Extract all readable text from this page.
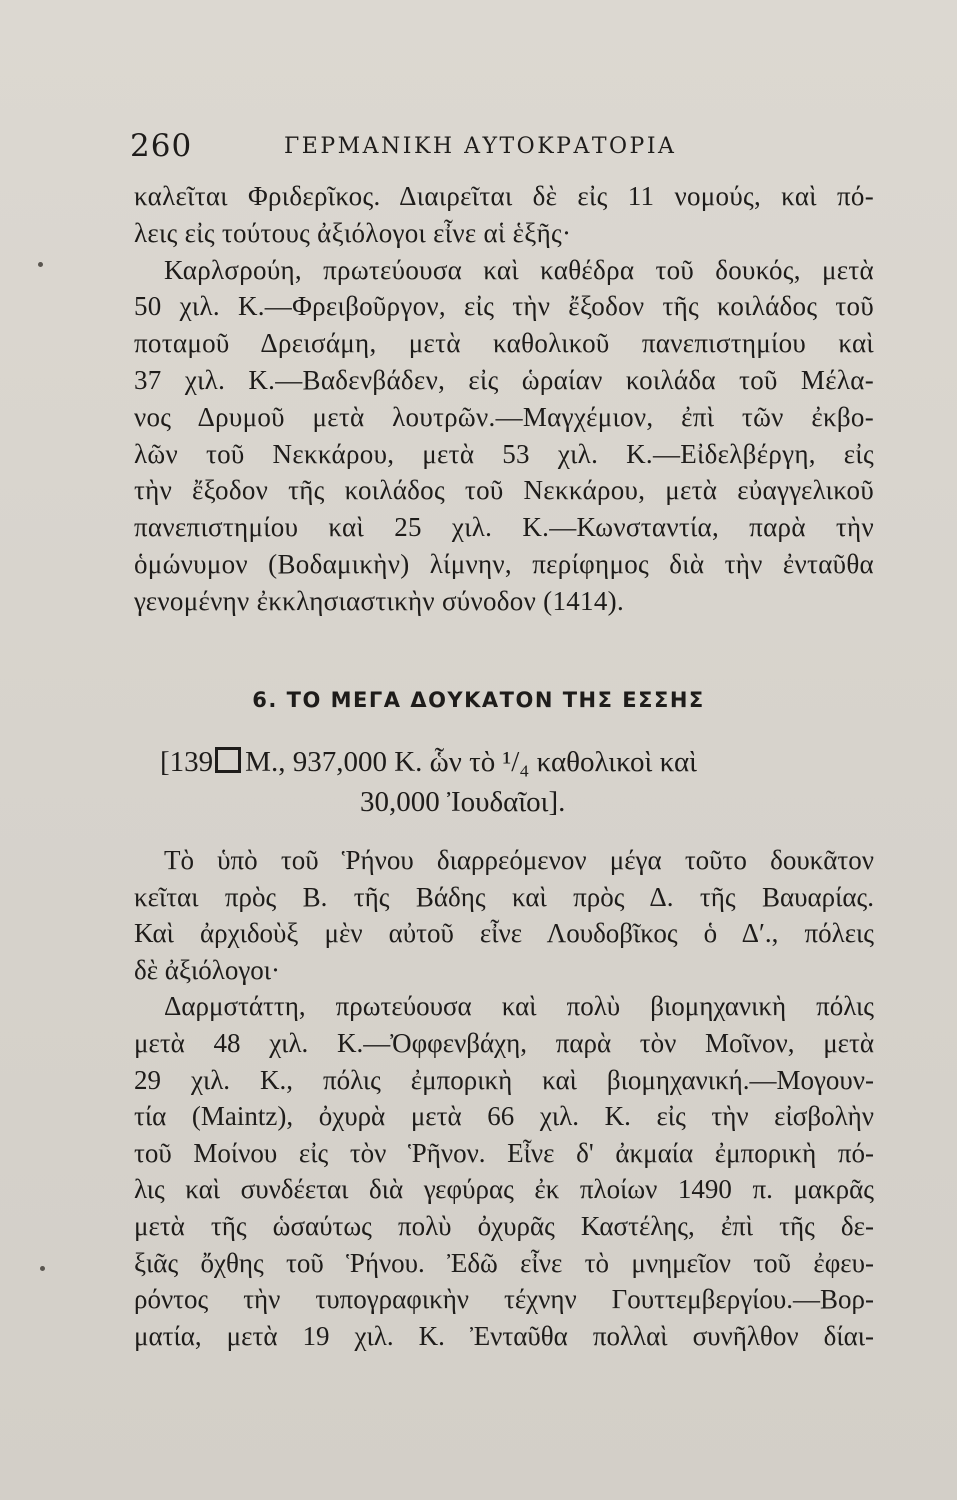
260	ΓΕΡΜΑΝΙΚΗ ΑΥΤΟΚΡΑΤΟΡΙΑ
καλεῖται Φριδερῖκος. Διαιρεῖται δὲ εἰς 11 νομούς, καὶ πό-
λεις εἰς τούτους ἀξιόλογοι εἶνε αἱ ἑξῆς·
Καρλσρούη, πρωτεύουσα καὶ καθέδρα τοῦ δουκός, μετὰ
50 χιλ. Κ.—Φρειβοῦργον, εἰς τὴν ἔξοδον τῆς κοιλάδος τοῦ
ποταμοῦ Δρεισάμη, μετὰ καθολικοῦ πανεπιστημίου καὶ
37 χιλ. Κ.—Βαδενβάδεν, εἰς ὡραίαν κοιλάδα τοῦ Μέλα-
νος Δρυμοῦ μετὰ λουτρῶν.—Μαγχέμιον, ἐπὶ τῶν ἐκβο-
λῶν τοῦ Νεκκάρου, μετὰ 53 χιλ. Κ.—Εἰδελβέργη, εἰς
τὴν ἔξοδον τῆς κοιλάδος τοῦ Νεκκάρου, μετὰ εὐαγγελικοῦ
πανεπιστημίου καὶ 25 χιλ. Κ.—Κωνσταντία, παρὰ τὴν
ὁμώνυμον (Βοδαμικὴν) λίμνην, περίφημος διὰ τὴν ἐνταῦθα
γενομένην ἐκκλησιαστικὴν σύνοδον (1414).
6. ΤΟ ΜΕΓΑ ΔΟΥΚΑΤΟΝ ΤΗΣ ΕΣΣΗΣ
[139 Μ., 937,000 Κ. ὧν τὸ ¹/₄ καθολικοὶ καὶ
30,000 Ἰουδαῖοι].
Τὸ ὑπὸ τοῦ Ῥήνου διαρρεόμενον μέγα τοῦτο δουκᾶτον
κεῖται πρὸς Β. τῆς Βάδης καὶ πρὸς Δ. τῆς Βαυαρίας.
Καὶ ἀρχιδοὺξ μὲν αὐτοῦ εἶνε Λουδοβῖκος ὁ Δʹ., πόλεις
δὲ ἀξιόλογοι·
Δαρμστάττη, πρωτεύουσα καὶ πολὺ βιομηχανικὴ πόλις
μετὰ 48 χιλ. Κ.—Ὀφφενβάχη, παρὰ τὸν Μοῖνον, μετὰ
29 χιλ. Κ., πόλις ἐμπορικὴ καὶ βιομηχανική.—Μογουν-
τία (Maintz), ὀχυρὰ μετὰ 66 χιλ. Κ. εἰς τὴν εἰσβολὴν
τοῦ Μοίνου εἰς τὸν Ῥῆνον. Εἶνε δ' ἀκμαία ἐμπορικὴ πό-
λις καὶ συνδέεται διὰ γεφύρας ἐκ πλοίων 1490 π. μακρᾶς
μετὰ τῆς ὡσαύτως πολὺ ὀχυρᾶς Καστέλης, ἐπὶ τῆς δε-
ξιᾶς ὄχθης τοῦ Ῥήνου. Ἐδῶ εἶνε τὸ μνημεῖον τοῦ ἐφευ-
ρόντος τὴν τυπογραφικὴν τέχνην Γουττεμβεργίου.—Βορ-
ματία, μετὰ 19 χιλ. Κ. Ἐνταῦθα πολλαὶ συνῆλθον δίαι-
